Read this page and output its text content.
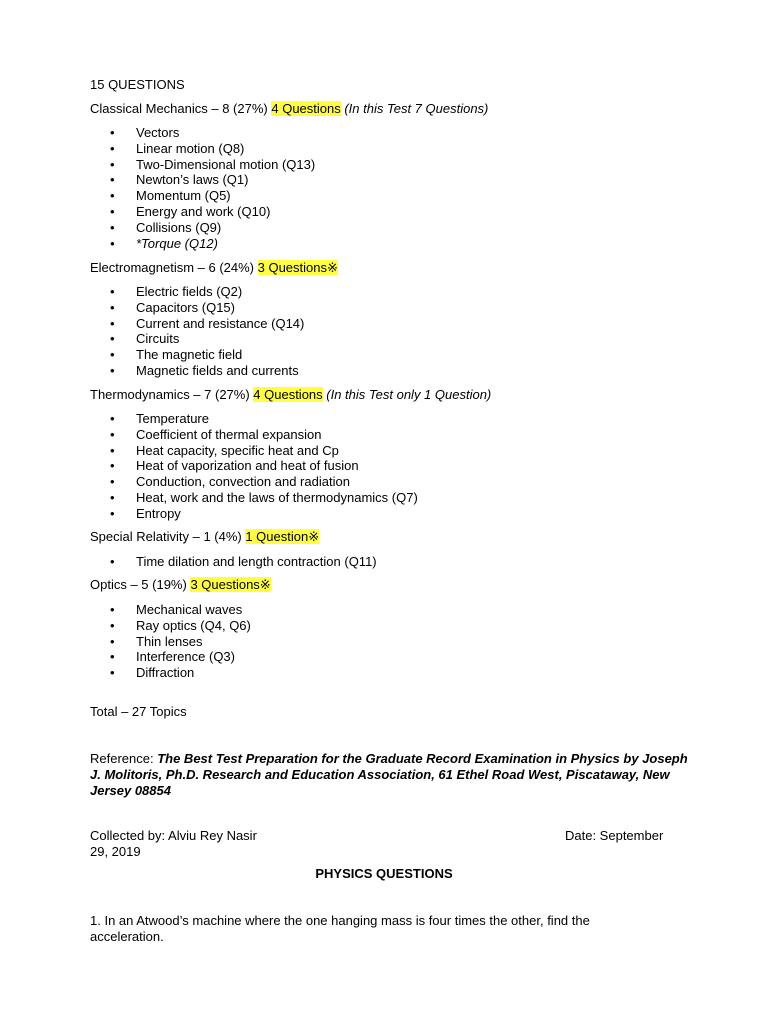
15 QUESTIONS
Classical Mechanics – 8 (27%) 4 Questions (In this Test 7 Questions)
• Vectors
• Linear motion (Q8)
• Two-Dimensional motion (Q13)
• Newton’s laws (Q1)
• Momentum (Q5)
• Energy and work (Q10)
• Collisions (Q9)
• *Torque (Q12)
Electromagnetism – 6 (24%) 3 Questions※
• Electric fields (Q2)
• Capacitors (Q15)
• Current and resistance (Q14)
• Circuits
• The magnetic field
• Magnetic fields and currents
Thermodynamics – 7 (27%) 4 Questions (In this Test only 1 Question)
• Temperature
• Coefficient of thermal expansion
• Heat capacity, specific heat and Cp
• Heat of vaporization and heat of fusion
• Conduction, convection and radiation
• Heat, work and the laws of thermodynamics (Q7)
• Entropy
Special Relativity – 1 (4%) 1 Question※
• Time dilation and length contraction (Q11)
Optics – 5 (19%) 3 Questions※
• Mechanical waves
• Ray optics (Q4, Q6)
• Thin lenses
• Interference (Q3)
• Diffraction
Total – 27 Topics
Reference: The Best Test Preparation for the Graduate Record Examination in Physics by Joseph J. Molitoris, Ph.D. Research and Education Association, 61 Ethel Road West, Piscataway, New Jersey 08854
Collected by: Alviu Rey Nasir	Date: September
29, 2019
PHYSICS QUESTIONS
1. In an Atwood’s machine where the one hanging mass is four times the other, find the acceleration.
